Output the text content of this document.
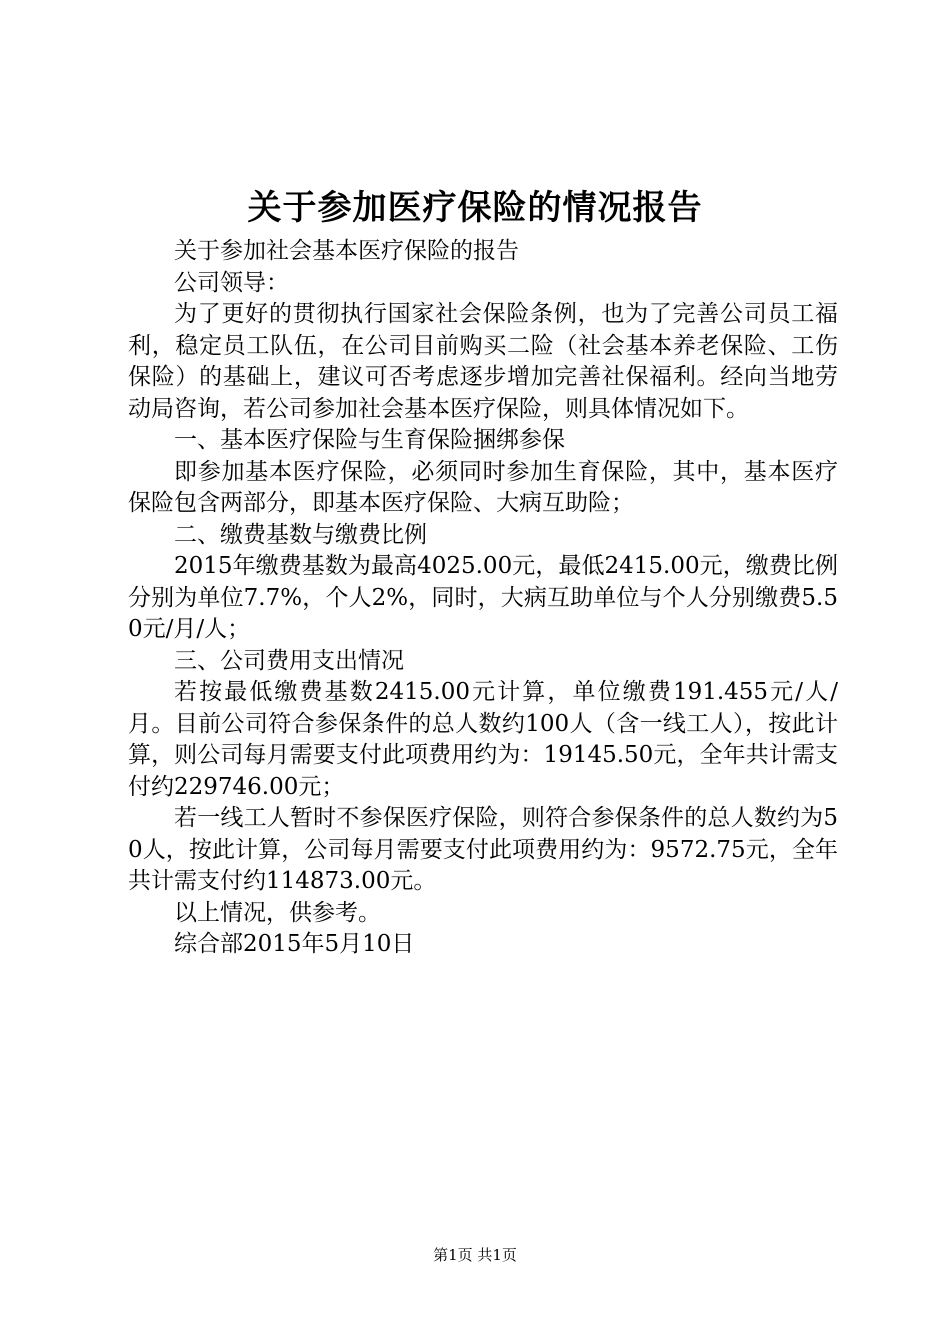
关于参加医疗保险的情况报告

关于参加社会基本医疗保险的报告

公司领导：

为了更好的贯彻执行国家社会保险条例，也为了完善公司员工福利，稳定员工队伍，在公司目前购买二险（社会基本养老保险、工伤保险）的基础上，建议可否考虑逐步增加完善社保福利。经向当地劳动局咨询，若公司参加社会基本医疗保险，则具体情况如下。

一、基本医疗保险与生育保险捆绑参保

即参加基本医疗保险，必须同时参加生育保险，其中，基本医疗保险包含两部分，即基本医疗保险、大病互助险；

二、缴费基数与缴费比例

2015年缴费基数为最高4025.00元，最低2415.00元，缴费比例分别为单位7.7%，个人2%，同时，大病互助单位与个人分别缴费5.50元/月/人；

三、公司费用支出情况

若按最低缴费基数2415.00元计算，单位缴费191.455元/人/月。目前公司符合参保条件的总人数约100人（含一线工人），按此计算，则公司每月需要支付此项费用约为：19145.50元，全年共计需支付约229746.00元；

若一线工人暂时不参保医疗保险，则符合参保条件的总人数约为50人，按此计算，公司每月需要支付此项费用约为：9572.75元，全年共计需支付约114873.00元。

以上情况，供参考。

综合部2015年5月10日

第1页 共1页
